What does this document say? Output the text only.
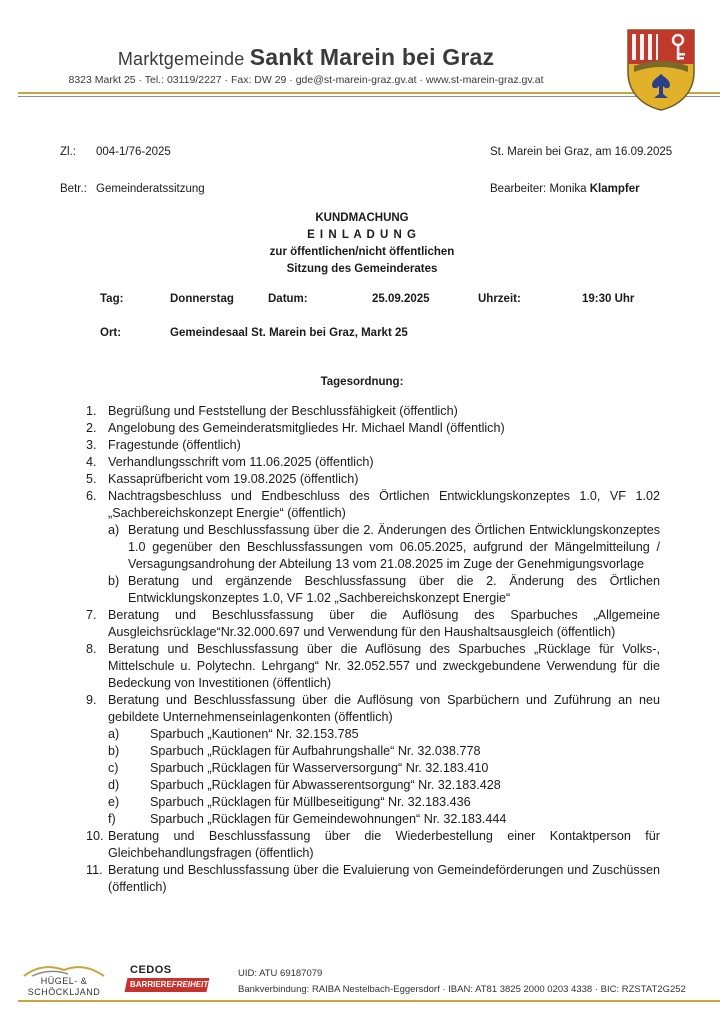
Marktgemeinde Sankt Marein bei Graz
8323 Markt 25 · Tel.: 03119/2227 · Fax: DW 29 · gde@st-marein-graz.gv.at · www.st-marein-graz.gv.at
Zl.: 004-1/76-2025	St. Marein bei Graz, am 16.09.2025
Betr.: Gemeinderatssitzung	Bearbeiter: Monika Klampfer
KUNDMACHUNG
E I N L A D U N G
zur öffentlichen/nicht öffentlichen
Sitzung des Gemeinderates
Tag:	Donnerstag	Datum:	25.09.2025	Uhrzeit:	19:30 Uhr
Ort:	Gemeindesaal St. Marein bei Graz, Markt 25
Tagesordnung:
1. Begrüßung und Feststellung der Beschlussfähigkeit (öffentlich)
2. Angelobung des Gemeinderatsmitgliedes Hr. Michael Mandl (öffentlich)
3. Fragestunde (öffentlich)
4. Verhandlungsschrift vom 11.06.2025 (öffentlich)
5. Kassaprüfbericht vom 19.08.2025 (öffentlich)
6. Nachtragsbeschluss und Endbeschluss des Örtlichen Entwicklungskonzeptes 1.0, VF 1.02 „Sachbereichskonzept Energie“ (öffentlich)
a) Beratung und Beschlussfassung über die 2. Änderungen des Örtlichen Entwicklungskonzeptes 1.0 gegenüber den Beschlussfassungen vom 06.05.2025, aufgrund der Mängelmitteilung / Versagungsandrohung der Abteilung 13 vom 21.08.2025 im Zuge der Genehmigungsvorlage
b) Beratung und ergänzende Beschlussfassung über die 2. Änderung des Örtlichen Entwicklungskonzeptes 1.0, VF 1.02 „Sachbereichskonzept Energie“
7. Beratung und Beschlussfassung über die Auflösung des Sparbuches „Allgemeine Ausgleichsrücklage“Nr.32.000.697 und Verwendung für den Haushaltsausgleich (öffentlich)
8. Beratung und Beschlussfassung über die Auflösung des Sparbuches „Rücklage für Volks-, Mittelschule u. Polytechn. Lehrgang“ Nr. 32.052.557 und zweckgebundene Verwendung für die Bedeckung von Investitionen (öffentlich)
9. Beratung und Beschlussfassung über die Auflösung von Sparbüchern und Zuführung an neu gebildete Unternehmenseinlagenkonten (öffentlich)
a)	Sparbuch „Kautionen“ Nr. 32.153.785
b)	Sparbuch „Rücklagen für Aufbahrungshalle“ Nr. 32.038.778
c)	Sparbuch „Rücklagen für Wasserversorgung“ Nr. 32.183.410
d)	Sparbuch „Rücklagen für Abwasserentsorgung“ Nr. 32.183.428
e)	Sparbuch „Rücklagen für Müllbeseitigung“ Nr. 32.183.436
f)	Sparbuch „Rücklagen für Gemeindewohnungen“ Nr. 32.183.444
10. Beratung und Beschlussfassung über die Wiederbestellung einer Kontaktperson für Gleichbehandlungsfragen (öffentlich)
11. Beratung und Beschlussfassung über die Evaluierung von Gemeindeförderungen und Zuschüssen (öffentlich)
HÜGEL- &
SCHÖCKLJAND
CEDOS
BARRIEREFREIHEIT
UID: ATU 69187079
Bankverbindung: RAIBA Nestelbach-Eggersdorf · IBAN: AT81 3825 2000 0203 4338 · BIC: RZSTAT2G252
